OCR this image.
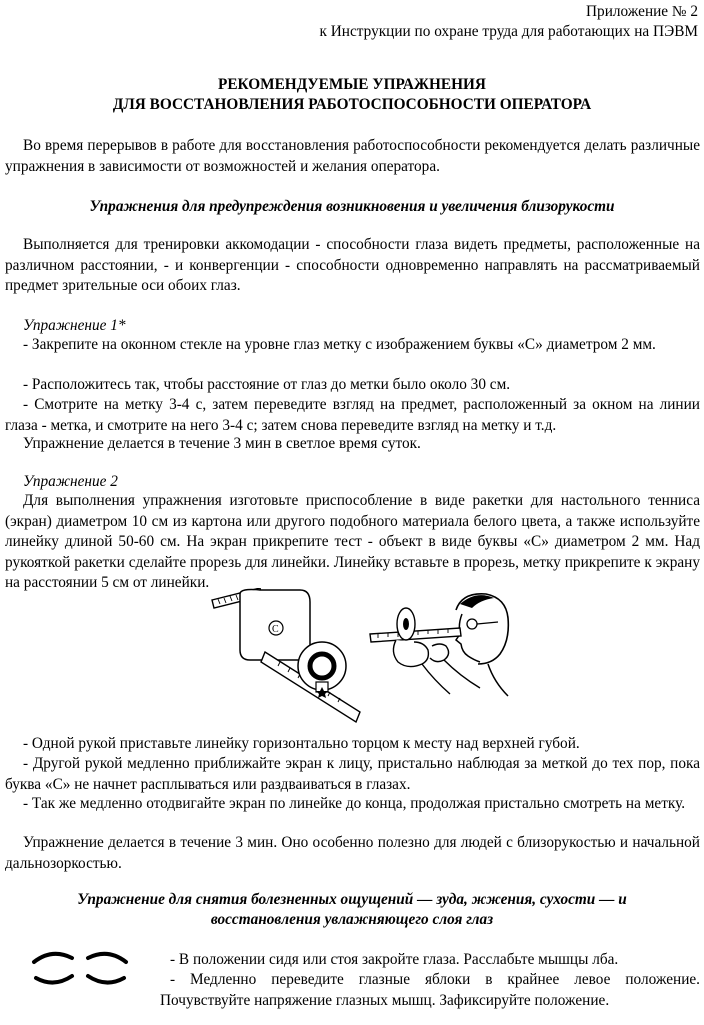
Приложение № 2
к Инструкции по охране труда для работающих на ПЭВМ
РЕКОМЕНДУЕМЫЕ УПРАЖНЕНИЯ
ДЛЯ ВОССТАНОВЛЕНИЯ РАБОТОСПОСОБНОСТИ ОПЕРАТОРА
Во время перерывов в работе для восстановления работоспособности рекомендуется делать различные упражнения в зависимости от возможностей и желания оператора.
Упражнения для предупреждения возникновения и увеличения близорукости
Выполняется для тренировки аккомодации - способности глаза видеть предметы, расположенные на различном расстоянии, - и конвергенции - способности одновременно направлять на рассматриваемый предмет зрительные оси обоих глаз.
Упражнение 1*
- Закрепите на оконном стекле на уровне глаз метку с изображением буквы «С» диаметром 2 мм.
- Расположитесь так, чтобы расстояние от глаз до метки было около 30 см.
- Смотрите на метку 3-4 с, затем переведите взгляд на предмет, расположенный за окном на линии глаза - метка, и смотрите на него 3-4 с; затем снова переведите взгляд на метку и т.д.
Упражнение делается в течение 3 мин в светлое время суток.
Упражнение 2
Для выполнения упражнения изготовьте приспособление в виде ракетки для настольного тенниса (экран) диаметром 10 см из картона или другого подобного материала белого цвета, а также используйте линейку длиной 50-60 см. На экран прикрепите тест - объект в виде буквы «С» диаметром 2 мм. Над рукояткой ракетки сделайте прорезь для линейки. Линейку вставьте в прорезь, метку прикрепите к экрану на расстоянии 5 см от линейки.
С
- Одной рукой приставьте линейку горизонтально торцом к месту над верхней губой.
- Другой рукой медленно приближайте экран к лицу, пристально наблюдая за меткой до тех пор, пока буква «С» не начнет расплываться или раздваиваться в глазах.
- Так же медленно отодвигайте экран по линейке до конца, продолжая пристально смотреть на метку.
Упражнение делается в течение 3 мин. Оно особенно полезно для людей с близорукостью и начальной дальнозоркостью.
Упражнение для снятия болезненных ощущений — зуда, жжения, сухости — и
восстановления увлажняющего слоя глаз
- В положении сидя или стоя закройте глаза. Расслабьте мышцы лба.
- Медленно переведите глазные яблоки в крайнее левое положение. Почувствуйте напряжение глазных мышц. Зафиксируйте положение.
